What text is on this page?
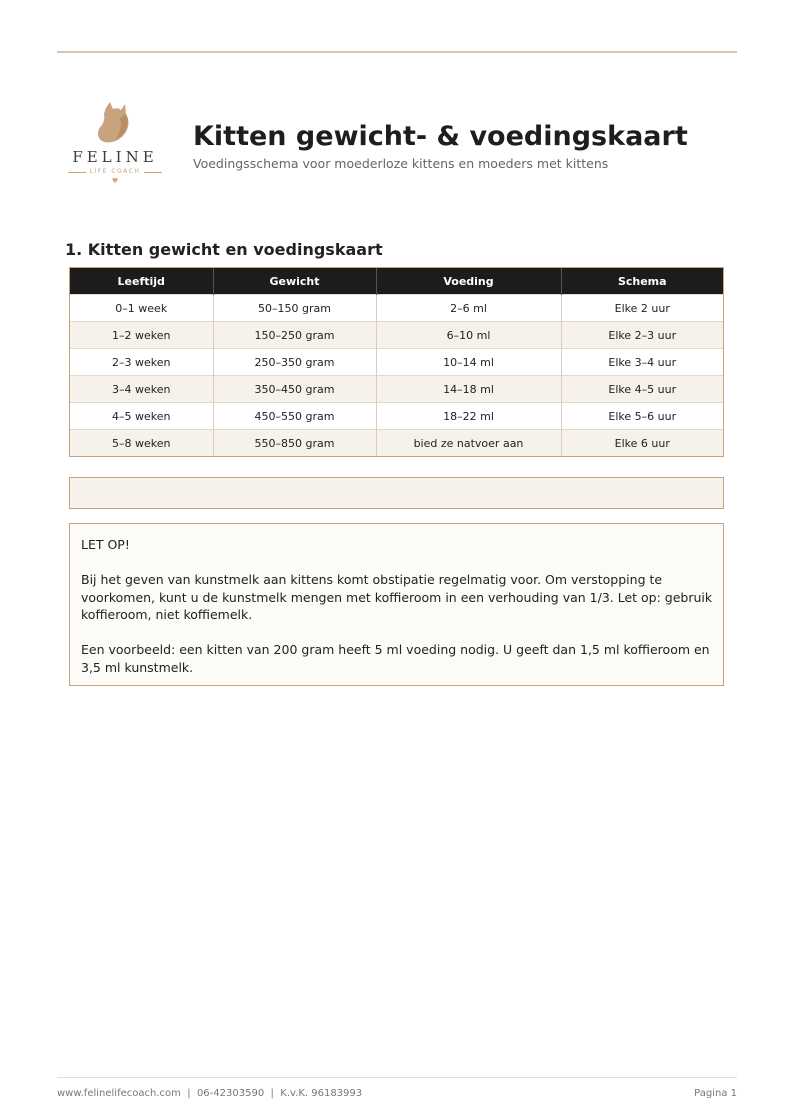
FELINE
LIFE COACH
♥
Kitten gewicht- & voedingskaart
Voedingsschema voor moederloze kittens en moeders met kittens
1. Kitten gewicht en voedingskaart
Leeftijd	Gewicht	Voeding	Schema
0–1 week	50–150 gram	2–6 ml	Elke 2 uur
1–2 weken	150–250 gram	6–10 ml	Elke 2–3 uur
2–3 weken	250–350 gram	10–14 ml	Elke 3–4 uur
3–4 weken	350–450 gram	14–18 ml	Elke 4–5 uur
4–5 weken	450–550 gram	18–22 ml	Elke 5–6 uur
5–8 weken	550–850 gram	bied ze natvoer aan	Elke 6 uur

LET OP!

Bij het geven van kunstmelk aan kittens komt obstipatie regelmatig voor. Om verstopping te voorkomen, kunt u de kunstmelk mengen met koffieroom in een verhouding van 1/3. Let op: gebruik koffieroom, niet koffiemelk.

Een voorbeeld: een kitten van 200 gram heeft 5 ml voeding nodig. U geeft dan 1,5 ml koffieroom en 3,5 ml kunstmelk.

www.felinelifecoach.com  |  06-42303590  |  K.v.K. 96183993	Pagina 1
